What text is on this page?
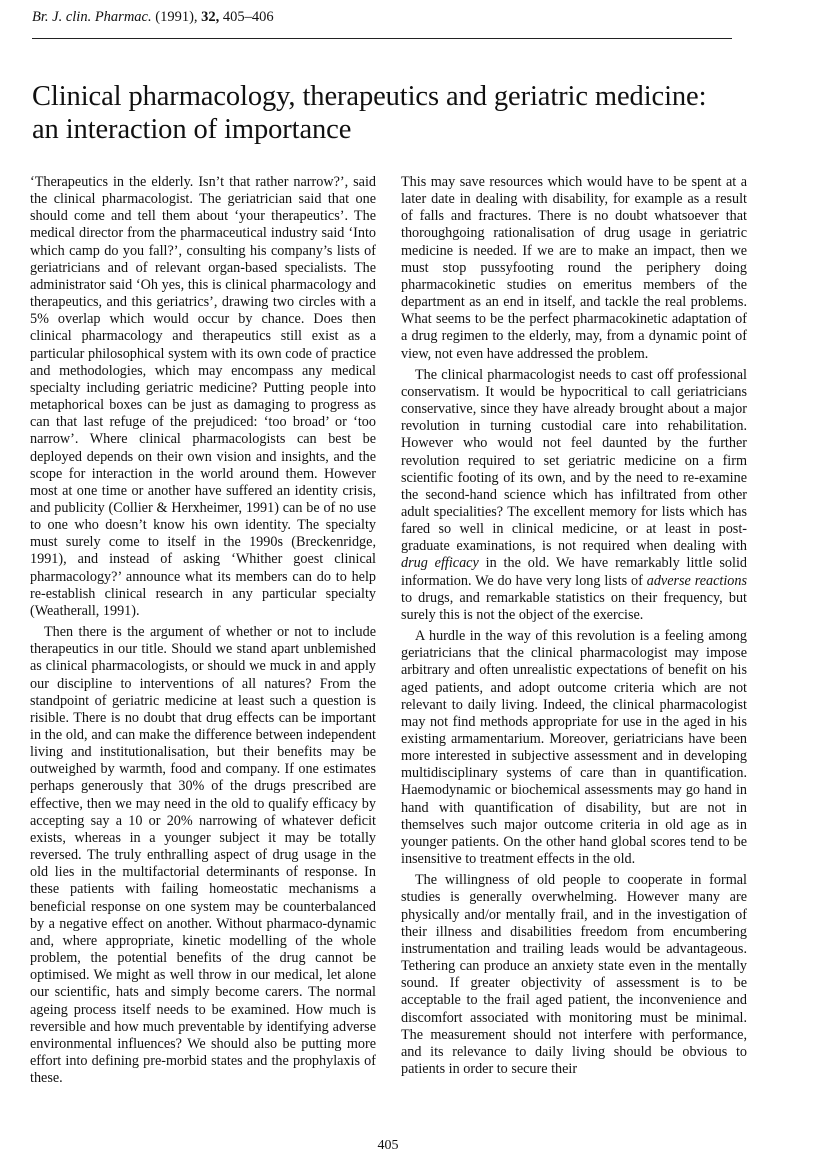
Br. J. clin. Pharmac. (1991), 32, 405–406
Clinical pharmacology, therapeutics and geriatric medicine:
an interaction of importance

‘Therapeutics in the elderly. Isn’t that rather narrow?’, said the clinical pharmacologist. The geriatrician said that one should come and tell them about ‘your therapeutics’. The medical director from the pharmaceutical industry said ‘Into which camp do you fall?’, consulting his company’s lists of geriatricians and of relevant organ-based specialists. The administrator said ‘Oh yes, this is clinical pharmacology and therapeutics, and this geriatrics’, drawing two circles with a 5% overlap which would occur by chance. Does then clinical pharmacology and therapeutics still exist as a particular philosophical system with its own code of practice and methodologies, which may encompass any medical specialty including geriatric medicine? Putting people into metaphorical boxes can be just as damaging to progress as can that last refuge of the prejudiced: ‘too broad’ or ‘too narrow’. Where clinical pharmacologists can best be deployed depends on their own vision and insights, and the scope for interaction in the world around them. However most at one time or another have suffered an identity crisis, and publicity (Collier & Herxheimer, 1991) can be of no use to one who doesn’t know his own identity. The specialty must surely come to itself in the 1990s (Breckenridge, 1991), and instead of asking ‘Whither goest clinical pharmacology?’ announce what its members can do to help re-establish clinical research in any particular specialty (Weatherall, 1991).

Then there is the argument of whether or not to include therapeutics in our title. Should we stand apart unblemished as clinical pharmacologists, or should we muck in and apply our discipline to interventions of all natures? From the standpoint of geriatric medicine at least such a question is risible. There is no doubt that drug effects can be important in the old, and can make the difference between independent living and institutionalisation, but their benefits may be outweighed by warmth, food and company. If one estimates perhaps generously that 30% of the drugs prescribed are effective, then we may need in the old to qualify efficacy by accepting say a 10 or 20% narrowing of whatever deficit exists, whereas in a younger subject it may be totally reversed. The truly enthralling aspect of drug usage in the old lies in the multifactorial determinants of response. In these patients with failing homeostatic mechanisms a beneficial response on one system may be counterbalanced by a negative effect on another. Without pharmaco-dynamic and, where appropriate, kinetic modelling of the whole problem, the potential benefits of the drug cannot be optimised. We might as well throw in our medical, let alone our scientific, hats and simply become carers. The normal ageing process itself needs to be examined. How much is reversible and how much preventable by identifying adverse environmental influences? We should also be putting more effort into defining pre-morbid states and the prophylaxis of these.

This may save resources which would have to be spent at a later date in dealing with disability, for example as a result of falls and fractures. There is no doubt whatsoever that thoroughgoing rationalisation of drug usage in geriatric medicine is needed. If we are to make an impact, then we must stop pussyfooting round the periphery doing pharmacokinetic studies on emeritus members of the department as an end in itself, and tackle the real problems. What seems to be the perfect pharmacokinetic adaptation of a drug regimen to the elderly, may, from a dynamic point of view, not even have addressed the problem.

The clinical pharmacologist needs to cast off professional conservatism. It would be hypocritical to call geriatricians conservative, since they have already brought about a major revolution in turning custodial care into rehabilitation. However who would not feel daunted by the further revolution required to set geriatric medicine on a firm scientific footing of its own, and by the need to re-examine the second-hand science which has infiltrated from other adult specialities? The excellent memory for lists which has fared so well in clinical medicine, or at least in post-graduate examinations, is not required when dealing with drug efficacy in the old. We have remarkably little solid information. We do have very long lists of adverse reactions to drugs, and remarkable statistics on their frequency, but surely this is not the object of the exercise.

A hurdle in the way of this revolution is a feeling among geriatricians that the clinical pharmacologist may impose arbitrary and often unrealistic expectations of benefit on his aged patients, and adopt outcome criteria which are not relevant to daily living. Indeed, the clinical pharmacologist may not find methods appropriate for use in the aged in his existing armamentarium. Moreover, geriatricians have been more interested in subjective assessment and in developing multidisciplinary systems of care than in quantification. Haemodynamic or biochemical assessments may go hand in hand with quantification of disability, but are not in themselves such major outcome criteria in old age as in younger patients. On the other hand global scores tend to be insensitive to treatment effects in the old.

The willingness of old people to cooperate in formal studies is generally overwhelming. However many are physically and/or mentally frail, and in the investigation of their illness and disabilities freedom from encumbering instrumentation and trailing leads would be advantageous. Tethering can produce an anxiety state even in the mentally sound. If greater objectivity of assessment is to be acceptable to the frail aged patient, the inconvenience and discomfort associated with monitoring must be minimal. The measurement should not interfere with performance, and its relevance to daily living should be obvious to patients in order to secure their

405
